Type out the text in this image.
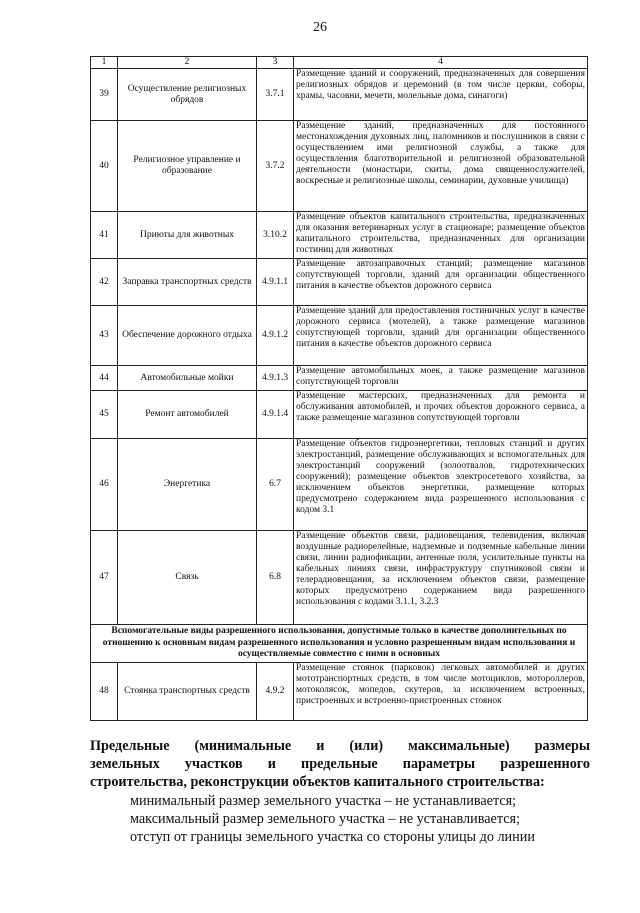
26
1	2	3	4
39	Осуществление религиозных обрядов	3.7.1	Размещение зданий и сооружений, предназначенных для совершения религиозных обрядов и церемоний (в том числе церкви, соборы, храмы, часовни, мечети, молельные дома, синагоги)
40	Религиозное управление и образование	3.7.2	Размещение зданий, предназначенных для постоянного местонахождения духовных лиц, паломников и послушников в связи с осуществлением ими религиозной службы, а также для осуществления благотворительной и религиозной образовательной деятельности (монастыри, скиты, дома священнослужителей, воскресные и религиозные школы, семинарии, духовные училища)
41	Приюты для животных	3.10.2	Размещение объектов капитального строительства, предназначенных для оказания ветеринарных услуг в стационаре; размещение объектов капитального строительства, предназначенных для организации гостиниц для животных
42	Заправка транспортных средств	4.9.1.1	Размещение автозаправочных станций; размещение магазинов сопутствующей торговли, зданий для организации общественного питания в качестве объектов дорожного сервиса
43	Обеспечение дорожного отдыха	4.9.1.2	Размещение зданий для предоставления гостиничных услуг в качестве дорожного сервиса (мотелей), а также размещение магазинов сопутствующей торговли, зданий для организации общественного питания в качестве объектов дорожного сервиса
44	Автомобильные мойки	4.9.1.3	Размещение автомобильных моек, а также размещение магазинов сопутствующей торговли
45	Ремонт автомобилей	4.9.1.4	Размещение мастерских, предназначенных для ремонта и обслуживания автомобилей, и прочих объектов дорожного сервиса, а также размещение магазинов сопутствующей торговли
46	Энергетика	6.7	Размещение объектов гидроэнергетики, тепловых станций и других электростанций, размещение обслуживающих и вспомогательных для электростанций сооружений (золоотвалов, гидротехнических сооружений); размещение объектов электросетевого хозяйства, за исключением объектов энергетики, размещение которых предусмотрено содержанием вида разрешенного использования с кодом 3.1
47	Связь	6.8	Размещение объектов связи, радиовещания, телевидения, включая воздушные радиорелейные, надземные и подземные кабельные линии связи, линии радиофикации, антенные поля, усилительные пункты на кабельных линиях связи, инфраструктуру спутниковой связи и телерадиовещания, за исключением объектов связи, размещение которых предусмотрено содержанием вида разрешенного использования с кодами 3.1.1, 3.2.3
Вспомогательные виды разрешенного использования, допустимые только в качестве дополнительных по отношению к основным видам разрешенного использования и условно разрешенным видам использования и осуществляемые совместно с ними в основных			
48	Стоянка транспортных средств	4.9.2	Размещение стоянок (парковок) легковых автомобилей и других мототранспортных средств, в том числе мотоциклов, мотороллеров, мотоколясок, мопедов, скутеров, за исключением встроенных, пристроенных и встроенно-пристроенных стоянок
Предельные (минимальные и (или) максимальные) размеры
земельных участков и предельные параметры разрешенного
строительства, реконструкции объектов капитального строительства:
минимальный размер земельного участка – не устанавливается;
максимальный размер земельного участка – не устанавливается;
отступ от границы земельного участка со стороны улицы до линии
